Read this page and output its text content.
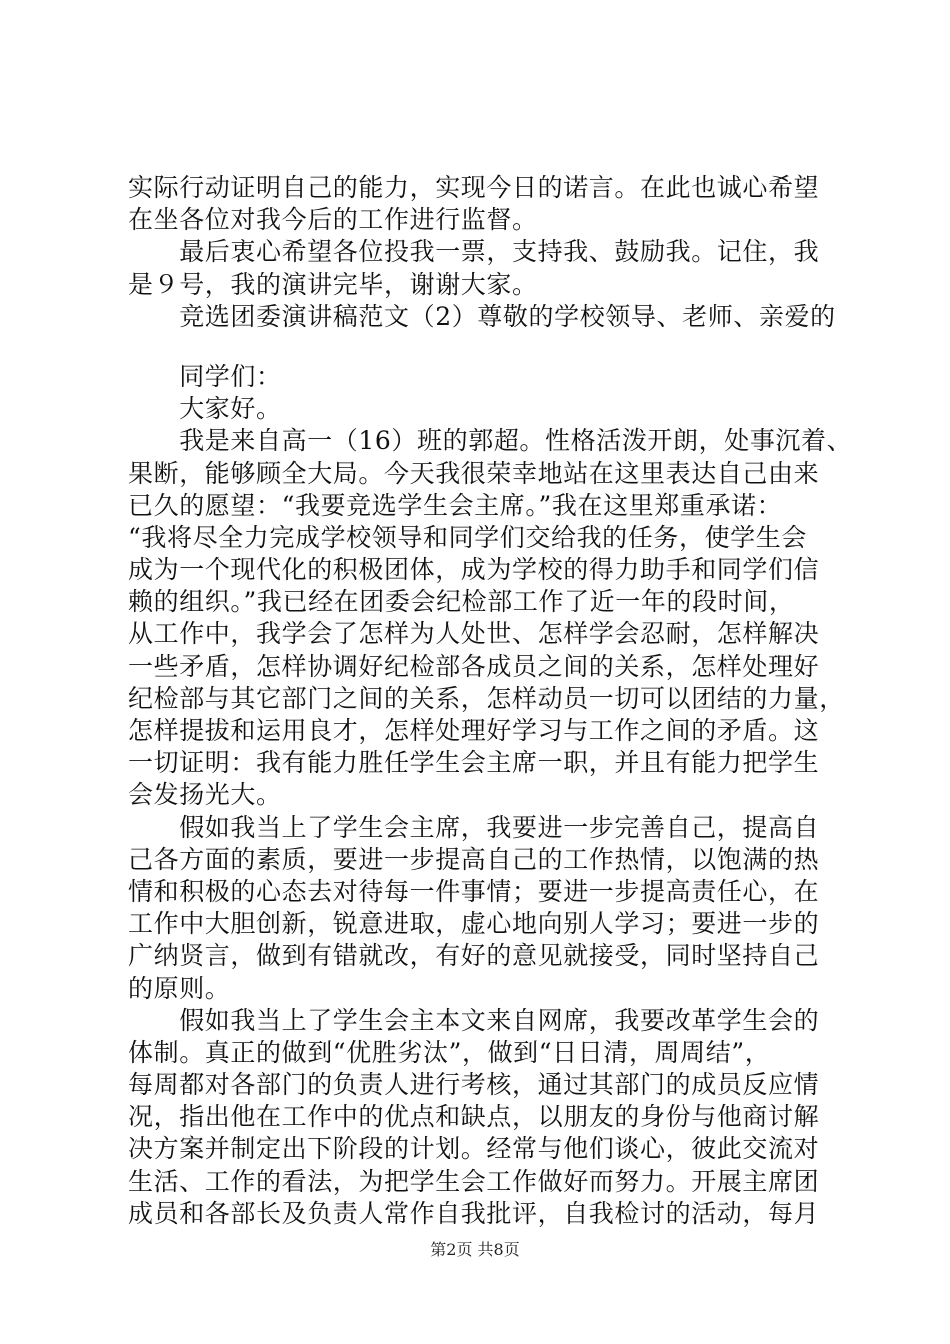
实际行动证明自己的能力，实现今日的诺言。在此也诚心希望
在坐各位对我今后的工作进行监督。
　　最后衷心希望各位投我一票，支持我、鼓励我。记住，我
是９号，我的演讲完毕，谢谢大家。
　　竞选团委演讲稿范文（2）尊敬的学校领导、老师、亲爱的
　　同学们：
　　大家好。
　　我是来自高一（16）班的郭超。性格活泼开朗，处事沉着、
果断，能够顾全大局。今天我很荣幸地站在这里表达自己由来
已久的愿望：“我要竞选学生会主席。”我在这里郑重承诺：
“我将尽全力完成学校领导和同学们交给我的任务，使学生会
成为一个现代化的积极团体，成为学校的得力助手和同学们信
赖的组织。”我已经在团委会纪检部工作了近一年的段时间，
从工作中，我学会了怎样为人处世、怎样学会忍耐，怎样解决
一些矛盾，怎样协调好纪检部各成员之间的关系，怎样处理好
纪检部与其它部门之间的关系，怎样动员一切可以团结的力量，
怎样提拔和运用良才，怎样处理好学习与工作之间的矛盾。这
一切证明：我有能力胜任学生会主席一职，并且有能力把学生
会发扬光大。
　　假如我当上了学生会主席，我要进一步完善自己，提高自
己各方面的素质，要进一步提高自己的工作热情，以饱满的热
情和积极的心态去对待每一件事情；要进一步提高责任心，在
工作中大胆创新，锐意进取，虚心地向别人学习；要进一步的
广纳贤言，做到有错就改，有好的意见就接受，同时坚持自己
的原则。
　　假如我当上了学生会主本文来自网席，我要改革学生会的
体制。真正的做到“优胜劣汰”，做到“日日清，周周结”，
每周都对各部门的负责人进行考核，通过其部门的成员反应情
况，指出他在工作中的优点和缺点，以朋友的身份与他商讨解
决方案并制定出下阶段的计划。经常与他们谈心，彼此交流对
生活、工作的看法，为把学生会工作做好而努力。开展主席团
成员和各部长及负责人常作自我批评，自我检讨的活动，每月
第2页 共8页
